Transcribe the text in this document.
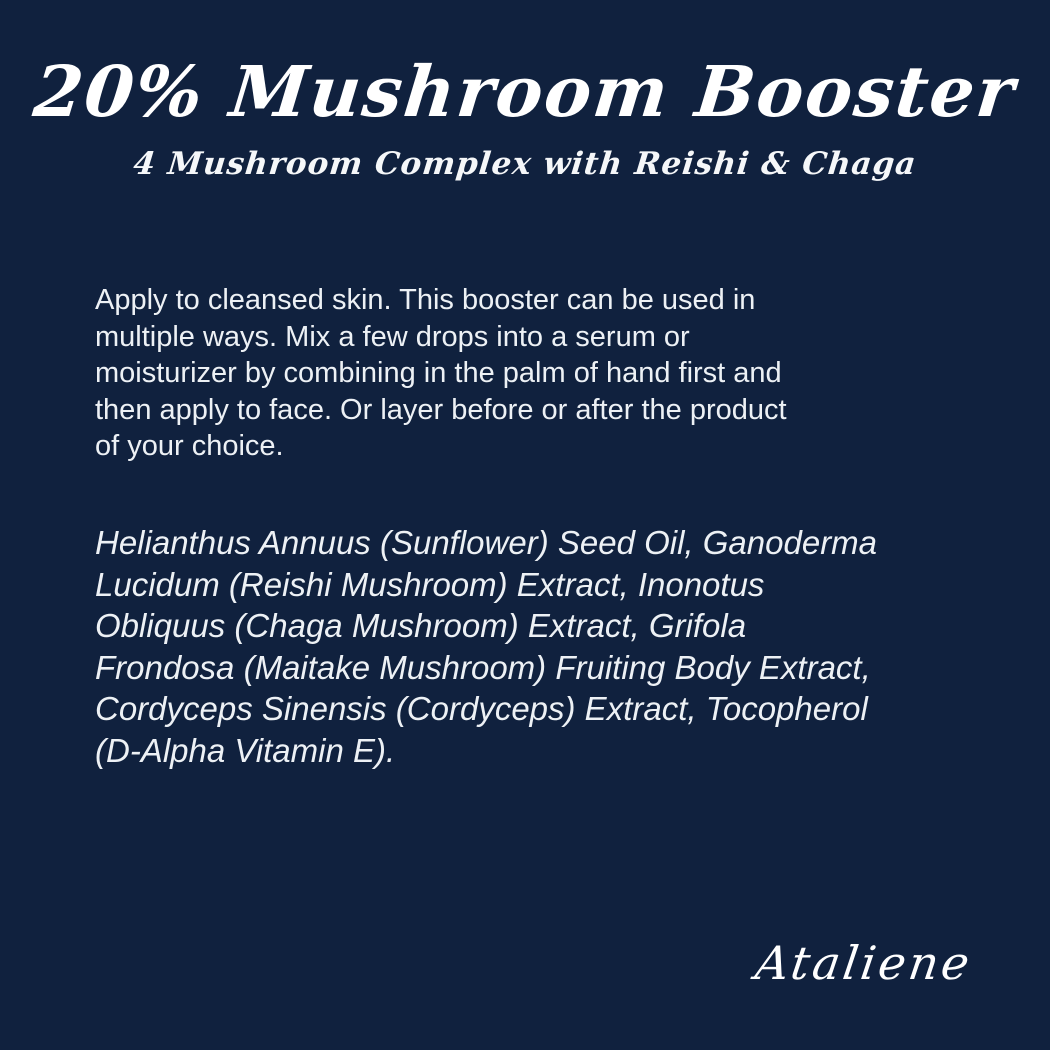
20% Mushroom Booster
4 Mushroom Complex with Reishi & Chaga
Apply to cleansed skin. This booster can be used in
multiple ways. Mix a few drops into a serum or
moisturizer by combining in the palm of hand first and
then apply to face. Or layer before or after the product
of your choice.
Helianthus Annuus (Sunflower) Seed Oil, Ganoderma
Lucidum (Reishi Mushroom) Extract, Inonotus
Obliquus (Chaga Mushroom) Extract, Grifola
Frondosa (Maitake Mushroom) Fruiting Body Extract,
Cordyceps Sinensis (Cordyceps) Extract, Tocopherol
(D-Alpha Vitamin E).
Ataliene
